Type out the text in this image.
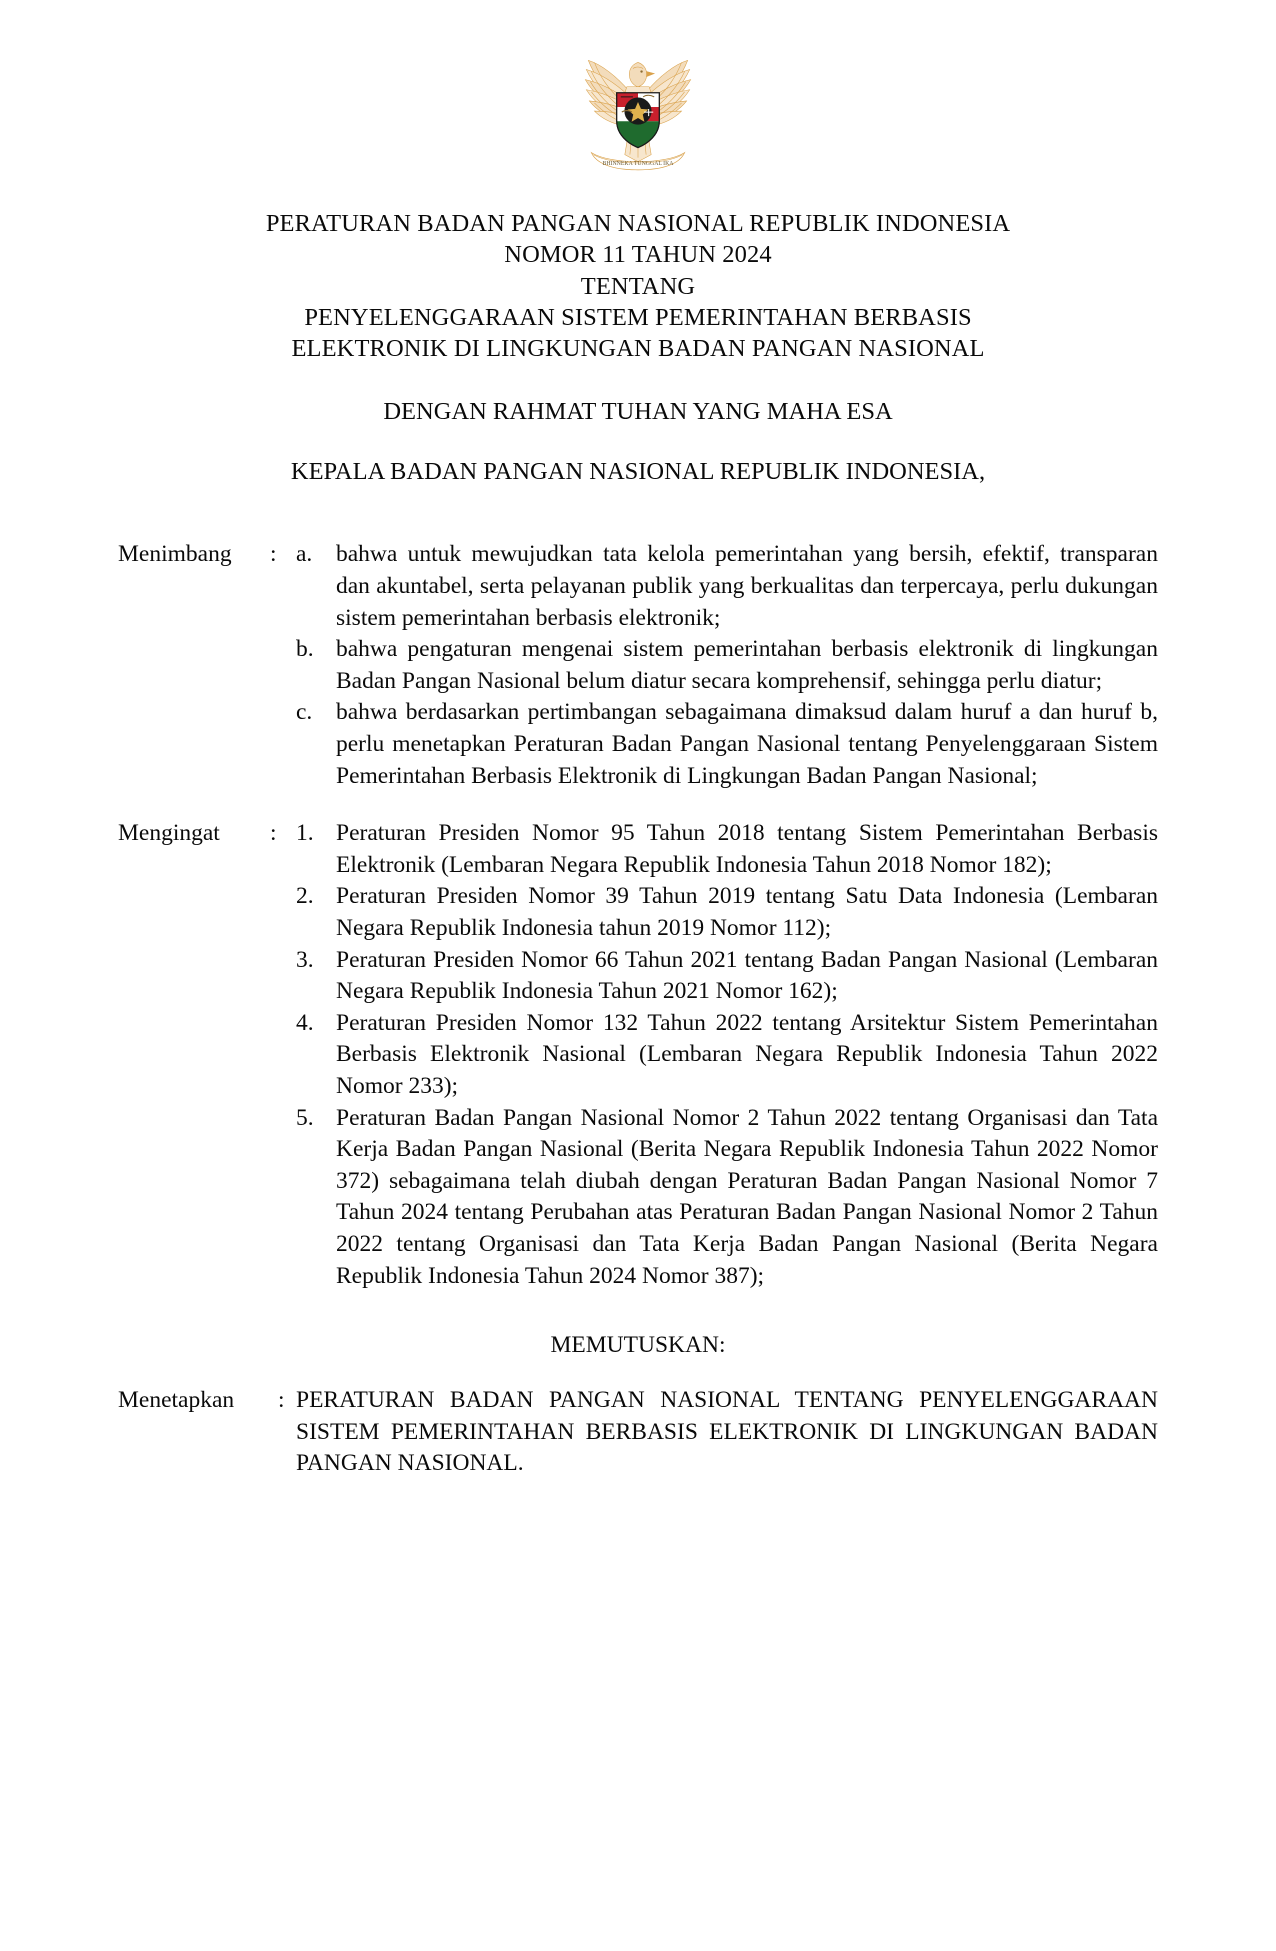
BHINNEKA TUNGGAL IKA
PERATURAN BADAN PANGAN NASIONAL REPUBLIK INDONESIA
NOMOR 11 TAHUN 2024
TENTANG
PENYELENGGARAAN SISTEM PEMERINTAHAN BERBASIS
ELEKTRONIK DI LINGKUNGAN BADAN PANGAN NASIONAL
DENGAN RAHMAT TUHAN YANG MAHA ESA
KEPALA BADAN PANGAN NASIONAL REPUBLIK INDONESIA,
Menimbang	: a.	bahwa untuk mewujudkan tata kelola pemerintahan yang bersih, efektif, transparan dan akuntabel, serta pelayanan publik yang berkualitas dan terpercaya, perlu dukungan sistem pemerintahan berbasis elektronik;
b. bahwa pengaturan mengenai sistem pemerintahan berbasis elektronik di lingkungan Badan Pangan Nasional belum diatur secara komprehensif, sehingga perlu diatur;
c.	bahwa berdasarkan pertimbangan sebagaimana dimaksud dalam huruf a dan huruf b, perlu menetapkan Peraturan Badan Pangan Nasional tentang Penyelenggaraan Sistem Pemerintahan Berbasis Elektronik di Lingkungan Badan Pangan Nasional;
Mengingat	: 1. Peraturan Presiden Nomor 95 Tahun 2018 tentang Sistem Pemerintahan Berbasis Elektronik (Lembaran Negara Republik Indonesia Tahun 2018 Nomor 182);
2. Peraturan Presiden Nomor 39 Tahun 2019 tentang Satu Data Indonesia (Lembaran Negara Republik Indonesia tahun 2019 Nomor 112);
3. Peraturan Presiden Nomor 66 Tahun 2021 tentang Badan Pangan Nasional (Lembaran Negara Republik Indonesia Tahun 2021 Nomor 162);
4. Peraturan Presiden Nomor 132 Tahun 2022 tentang Arsitektur Sistem Pemerintahan Berbasis Elektronik Nasional (Lembaran Negara Republik Indonesia Tahun 2022 Nomor 233);
5. Peraturan Badan Pangan Nasional Nomor 2 Tahun 2022 tentang Organisasi dan Tata Kerja Badan Pangan Nasional (Berita Negara Republik Indonesia Tahun 2022 Nomor 372) sebagaimana telah diubah dengan Peraturan Badan Pangan Nasional Nomor 7 Tahun 2024 tentang Perubahan atas Peraturan Badan Pangan Nasional Nomor 2 Tahun 2022 tentang Organisasi dan Tata Kerja Badan Pangan Nasional (Berita Negara Republik Indonesia Tahun 2024 Nomor 387);
MEMUTUSKAN:
Menetapkan	: PERATURAN BADAN PANGAN NASIONAL TENTANG PENYELENGGARAAN SISTEM PEMERINTAHAN BERBASIS ELEKTRONIK DI LINGKUNGAN BADAN PANGAN NASIONAL.
